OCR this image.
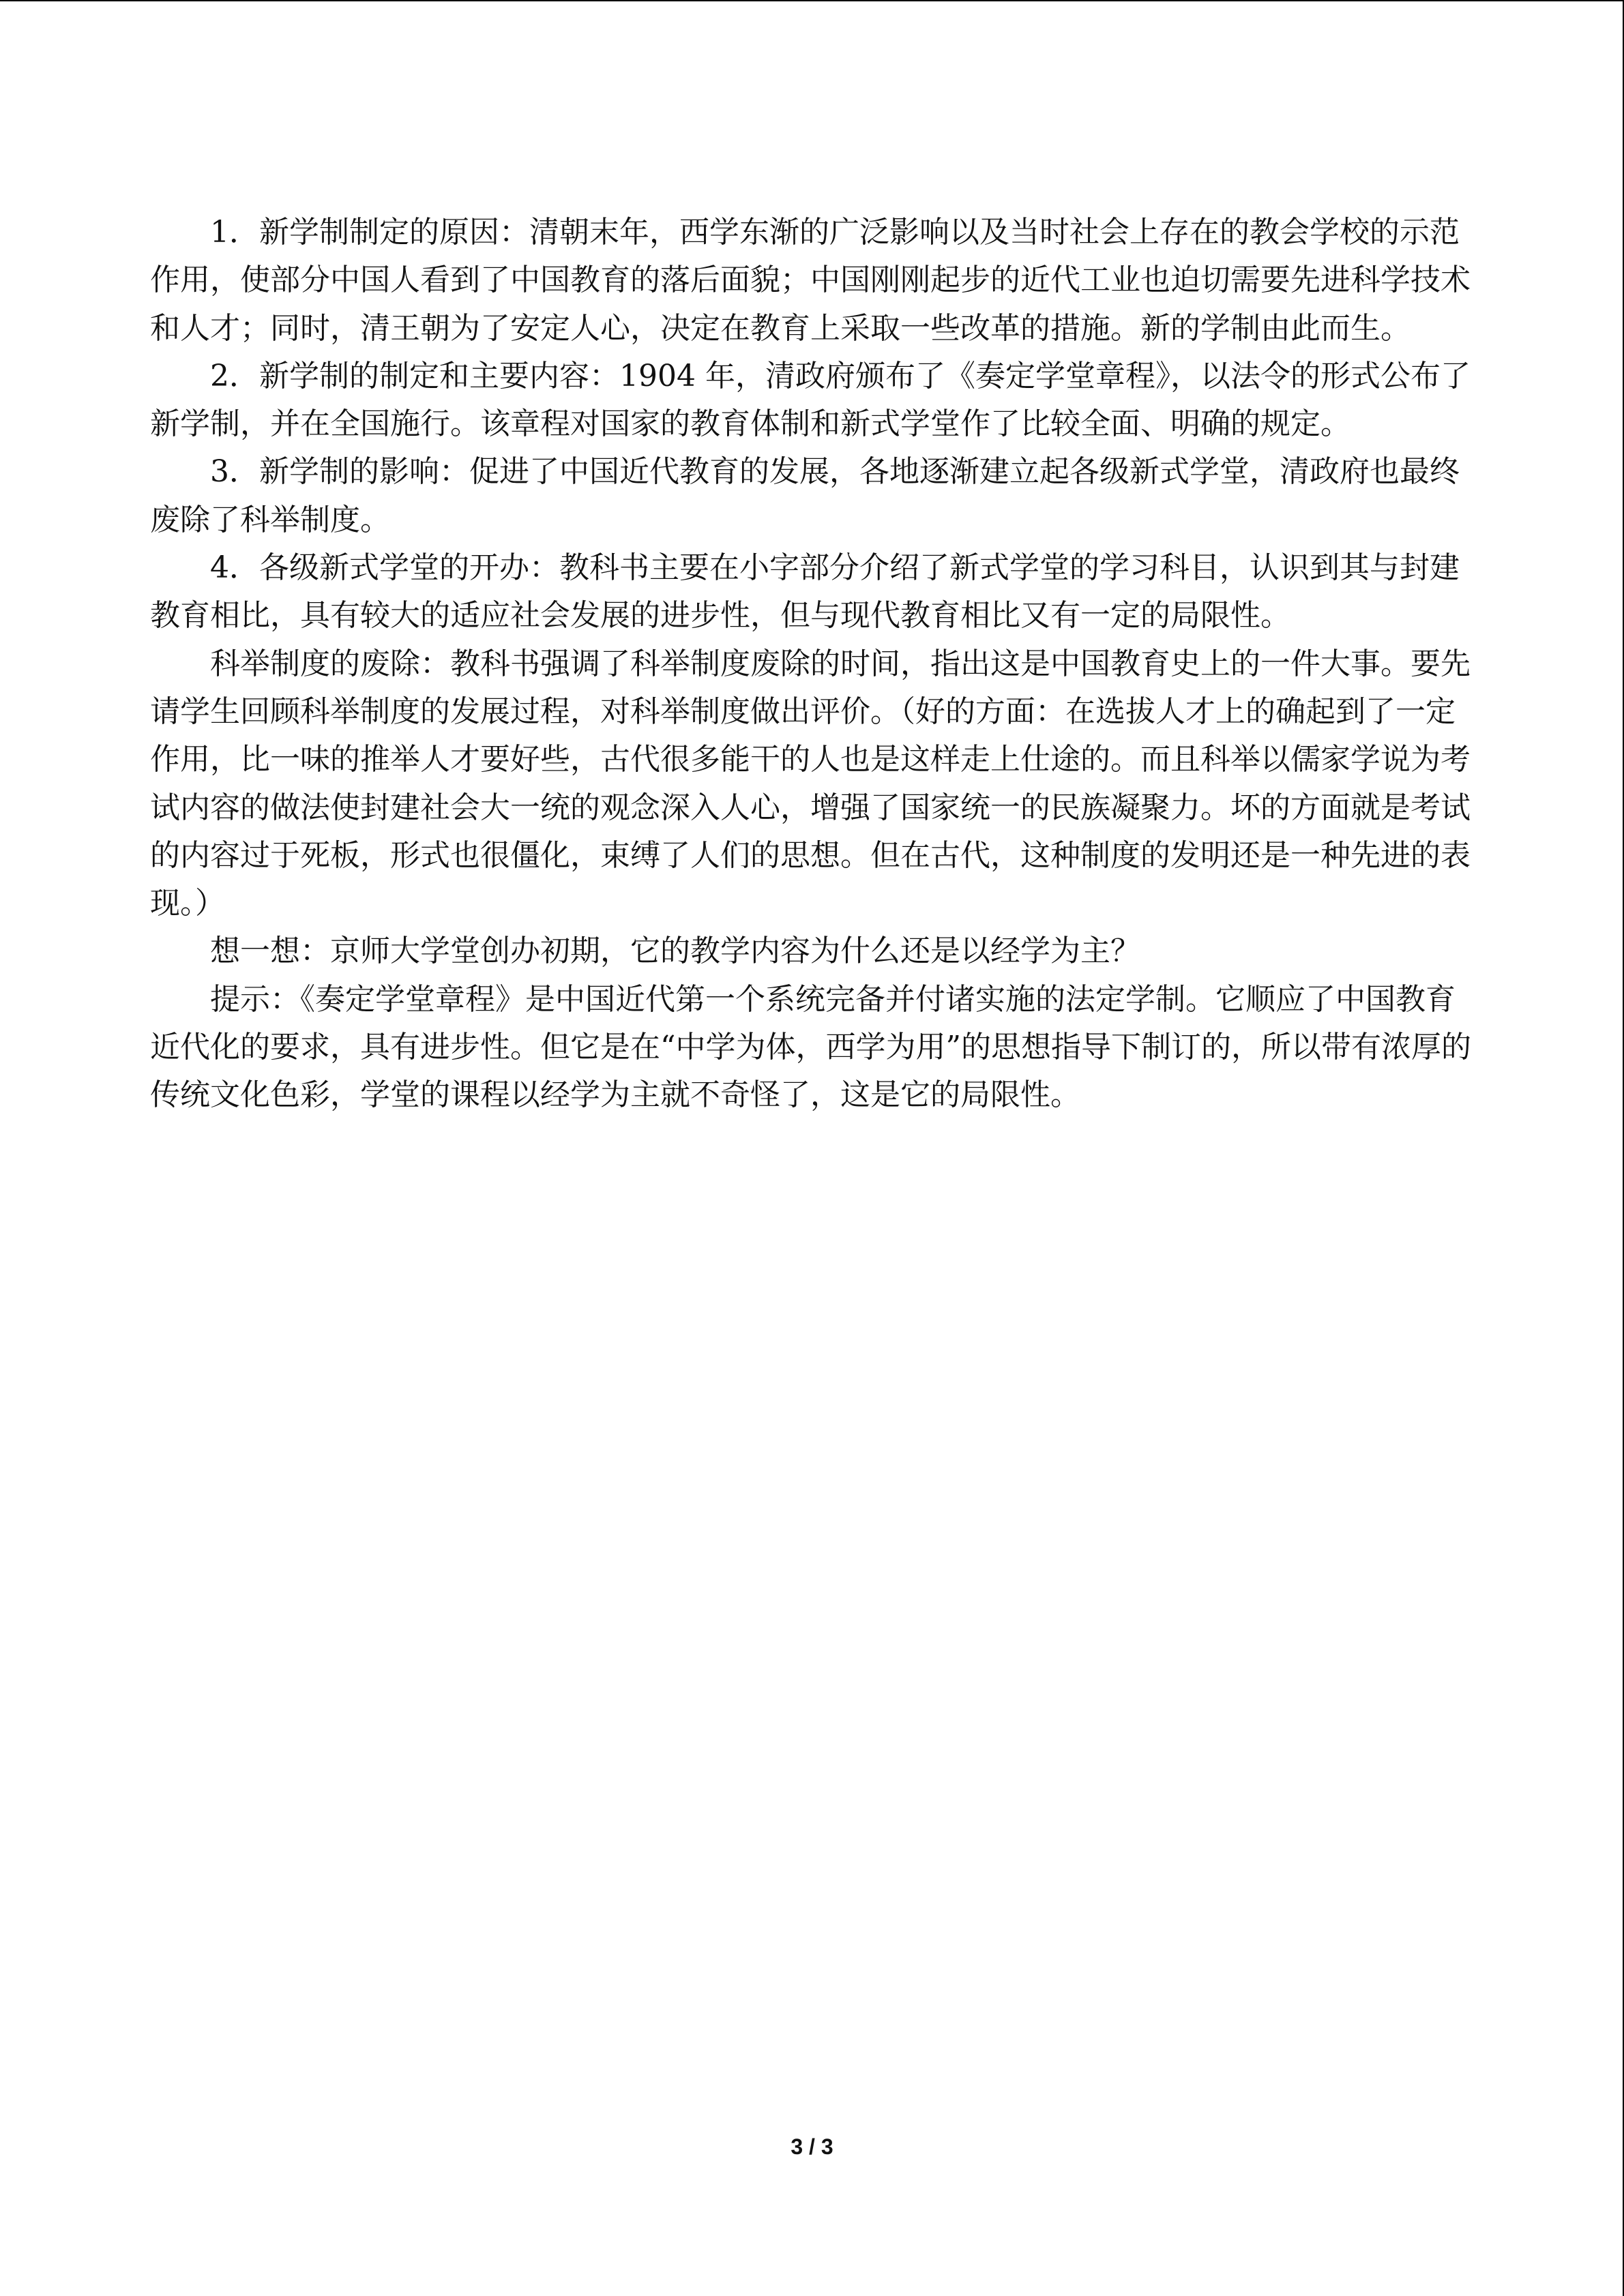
1．新学制制定的原因：清朝末年，西学东渐的广泛影响以及当时社会上存在的教会学校的示范作用，使部分中国人看到了中国教育的落后面貌；中国刚刚起步的近代工业也迫切需要先进科学技术和人才；同时，清王朝为了安定人心，决定在教育上采取一些改革的措施。新的学制由此而生。

2．新学制的制定和主要内容：1904 年，清政府颁布了《奏定学堂章程》，以法令的形式公布了新学制，并在全国施行。该章程对国家的教育体制和新式学堂作了比较全面、明确的规定。

3．新学制的影响：促进了中国近代教育的发展，各地逐渐建立起各级新式学堂，清政府也最终废除了科举制度。

4．各级新式学堂的开办：教科书主要在小字部分介绍了新式学堂的学习科目，认识到其与封建教育相比，具有较大的适应社会发展的进步性，但与现代教育相比又有一定的局限性。

科举制度的废除：教科书强调了科举制度废除的时间，指出这是中国教育史上的一件大事。要先请学生回顾科举制度的发展过程，对科举制度做出评价。（好的方面：在选拔人才上的确起到了一定作用，比一味的推举人才要好些，古代很多能干的人也是这样走上仕途的。而且科举以儒家学说为考试内容的做法使封建社会大一统的观念深入人心，增强了国家统一的民族凝聚力。坏的方面就是考试的内容过于死板，形式也很僵化，束缚了人们的思想。但在古代，这种制度的发明还是一种先进的表现。）

想一想：京师大学堂创办初期，它的教学内容为什么还是以经学为主？

提示：《奏定学堂章程》是中国近代第一个系统完备并付诸实施的法定学制。它顺应了中国教育近代化的要求，具有进步性。但它是在“中学为体，西学为用”的思想指导下制订的，所以带有浓厚的传统文化色彩，学堂的课程以经学为主就不奇怪了，这是它的局限性。

3 / 3
